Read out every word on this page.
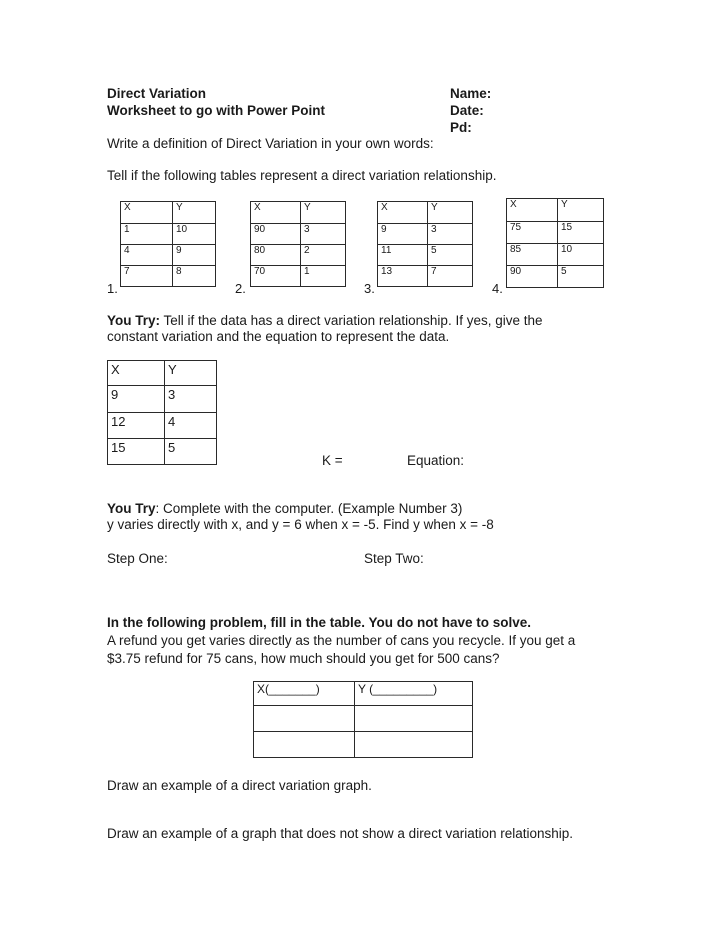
Direct Variation
Worksheet to go with Power Point
Name:
Date:
Pd:
Write a definition of Direct Variation in your own words:
Tell if the following tables represent a direct variation relationship.
1.
X	Y
1	10
4	9
7	8
2.
X	Y
90	3
80	2
70	1
3.
X	Y
9	3
11	5
13	7
4.
X	Y
75	15
85	10
90	5
You Try: Tell if the data has a direct variation relationship. If yes, give the
constant variation and the equation to represent the data.
X	Y
9	3
12	4
15	5
K =	Equation:
You Try: Complete with the computer. (Example Number 3)
y varies directly with x, and y = 6 when x = -5. Find y when x = -8
Step One:	Step Two:
In the following problem, fill in the table. You do not have to solve.
A refund you get varies directly as the number of cans you recycle. If you get a
$3.75 refund for 75 cans, how much should you get for 500 cans?
X(_______)	Y (_________)

Draw an example of a direct variation graph.
Draw an example of a graph that does not show a direct variation relationship.
